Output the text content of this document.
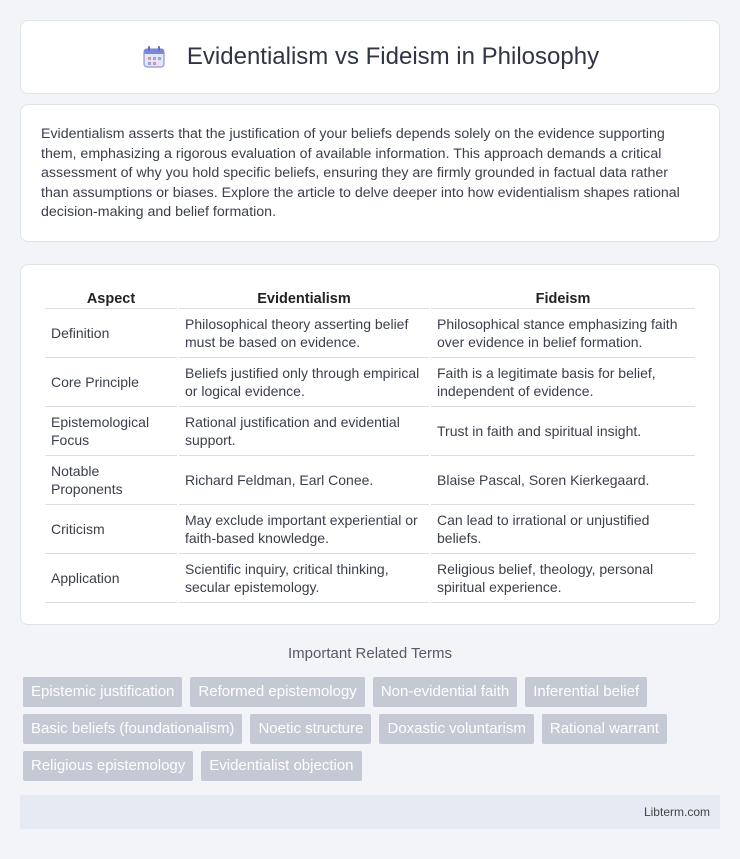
Evidentialism vs Fideism in Philosophy

Evidentialism asserts that the justification of your beliefs depends solely on the evidence supporting them, emphasizing a rigorous evaluation of available information. This approach demands a critical assessment of why you hold specific beliefs, ensuring they are firmly grounded in factual data rather than assumptions or biases. Explore the article to delve deeper into how evidentialism shapes rational decision-making and belief formation.

Aspect	Evidentialism	Fideism
Definition	Philosophical theory asserting belief must be based on evidence.	Philosophical stance emphasizing faith over evidence in belief formation.
Core Principle	Beliefs justified only through empirical or logical evidence.	Faith is a legitimate basis for belief, independent of evidence.
Epistemological Focus	Rational justification and evidential support.	Trust in faith and spiritual insight.
Notable Proponents	Richard Feldman, Earl Conee.	Blaise Pascal, Soren Kierkegaard.
Criticism	May exclude important experiential or faith-based knowledge.	Can lead to irrational or unjustified beliefs.
Application	Scientific inquiry, critical thinking, secular epistemology.	Religious belief, theology, personal spiritual experience.
Important Related Terms
Epistemic justification	Reformed epistemology	Non-evidential faith	Inferential belief
Basic beliefs (foundationalism)	Noetic structure	Doxastic voluntarism	Rational warrant
Religious epistemology	Evidentialist objection
Libterm.com
